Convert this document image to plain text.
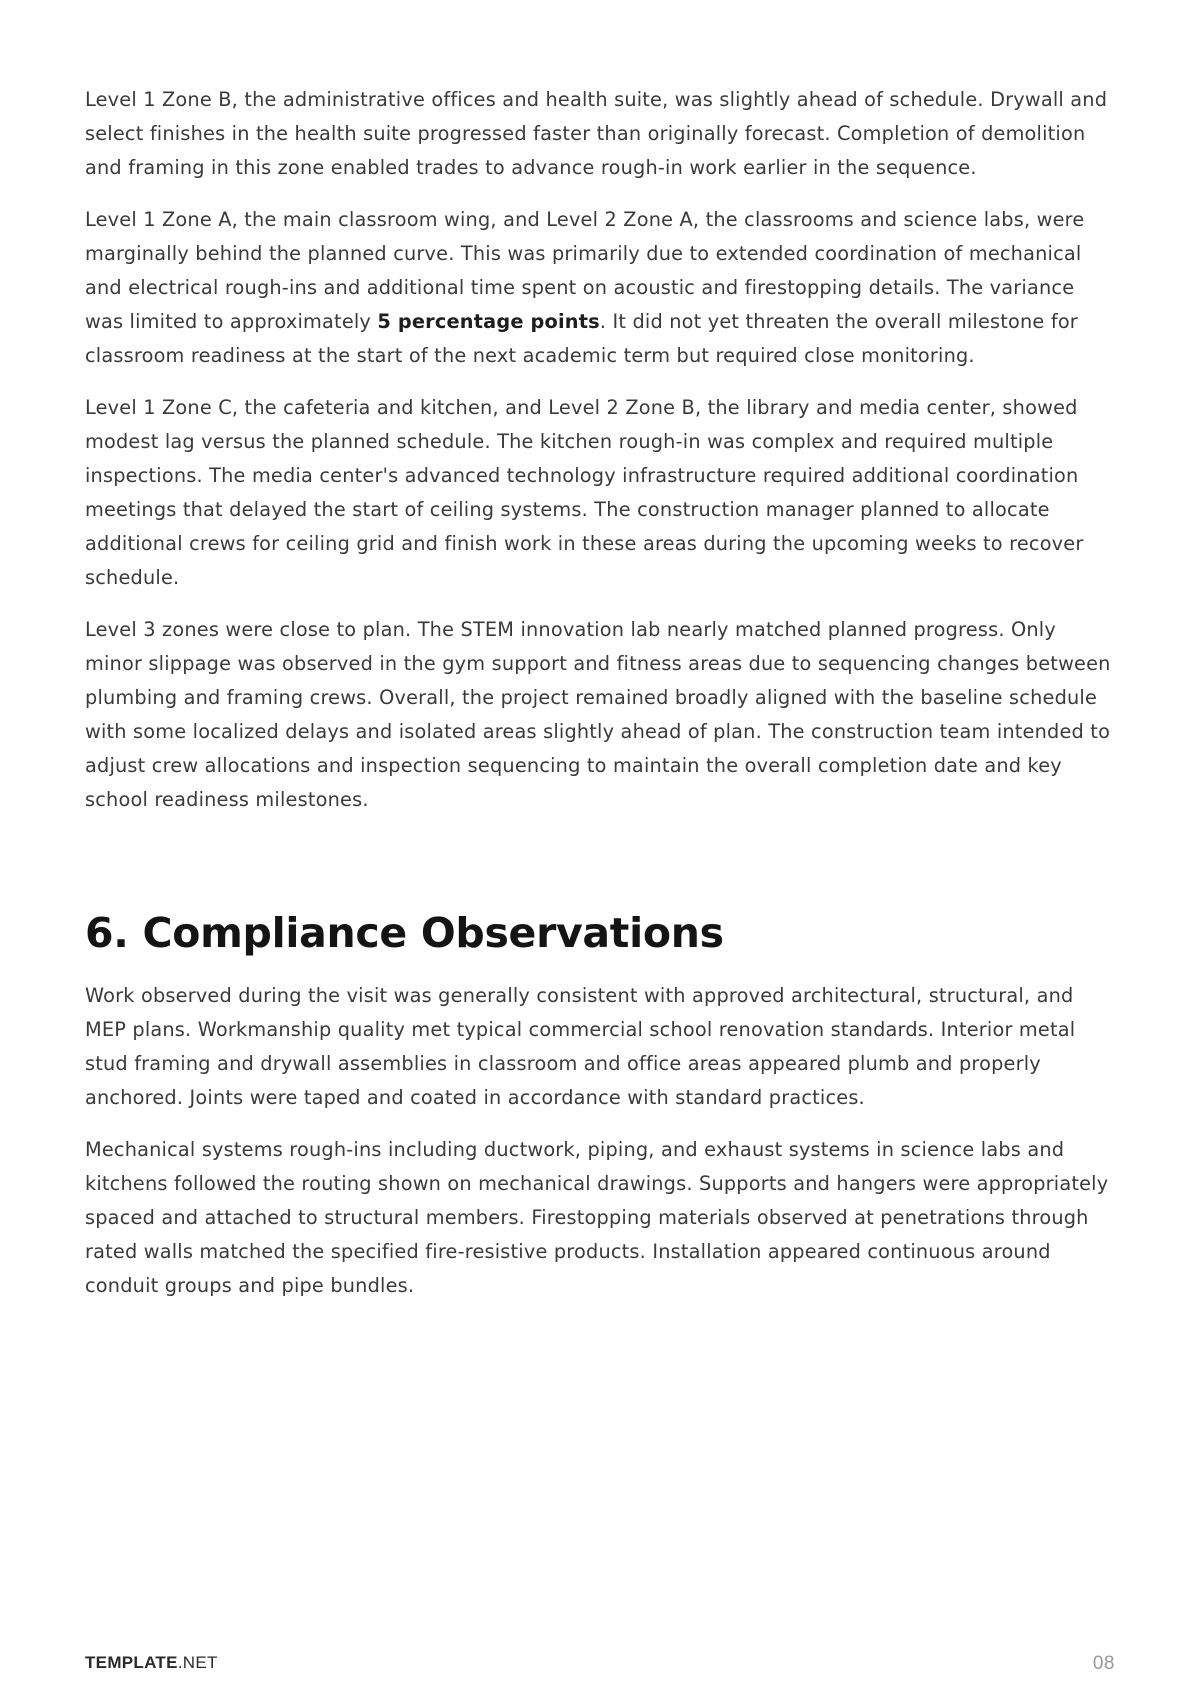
Level 1 Zone B, the administrative offices and health suite, was slightly ahead of schedule. Drywall and select finishes in the health suite progressed faster than originally forecast. Completion of demolition and framing in this zone enabled trades to advance rough-in work earlier in the sequence.

Level 1 Zone A, the main classroom wing, and Level 2 Zone A, the classrooms and science labs, were marginally behind the planned curve. This was primarily due to extended coordination of mechanical and electrical rough-ins and additional time spent on acoustic and firestopping details. The variance was limited to approximately 5 percentage points. It did not yet threaten the overall milestone for classroom readiness at the start of the next academic term but required close monitoring.

Level 1 Zone C, the cafeteria and kitchen, and Level 2 Zone B, the library and media center, showed modest lag versus the planned schedule. The kitchen rough-in was complex and required multiple inspections. The media center's advanced technology infrastructure required additional coordination meetings that delayed the start of ceiling systems. The construction manager planned to allocate additional crews for ceiling grid and finish work in these areas during the upcoming weeks to recover schedule.

Level 3 zones were close to plan. The STEM innovation lab nearly matched planned progress. Only minor slippage was observed in the gym support and fitness areas due to sequencing changes between plumbing and framing crews. Overall, the project remained broadly aligned with the baseline schedule with some localized delays and isolated areas slightly ahead of plan. The construction team intended to adjust crew allocations and inspection sequencing to maintain the overall completion date and key school readiness milestones.

6. Compliance Observations

Work observed during the visit was generally consistent with approved architectural, structural, and MEP plans. Workmanship quality met typical commercial school renovation standards. Interior metal stud framing and drywall assemblies in classroom and office areas appeared plumb and properly anchored. Joints were taped and coated in accordance with standard practices.

Mechanical systems rough-ins including ductwork, piping, and exhaust systems in science labs and kitchens followed the routing shown on mechanical drawings. Supports and hangers were appropriately spaced and attached to structural members. Firestopping materials observed at penetrations through rated walls matched the specified fire-resistive products. Installation appeared continuous around conduit groups and pipe bundles.

TEMPLATE.NET	08
